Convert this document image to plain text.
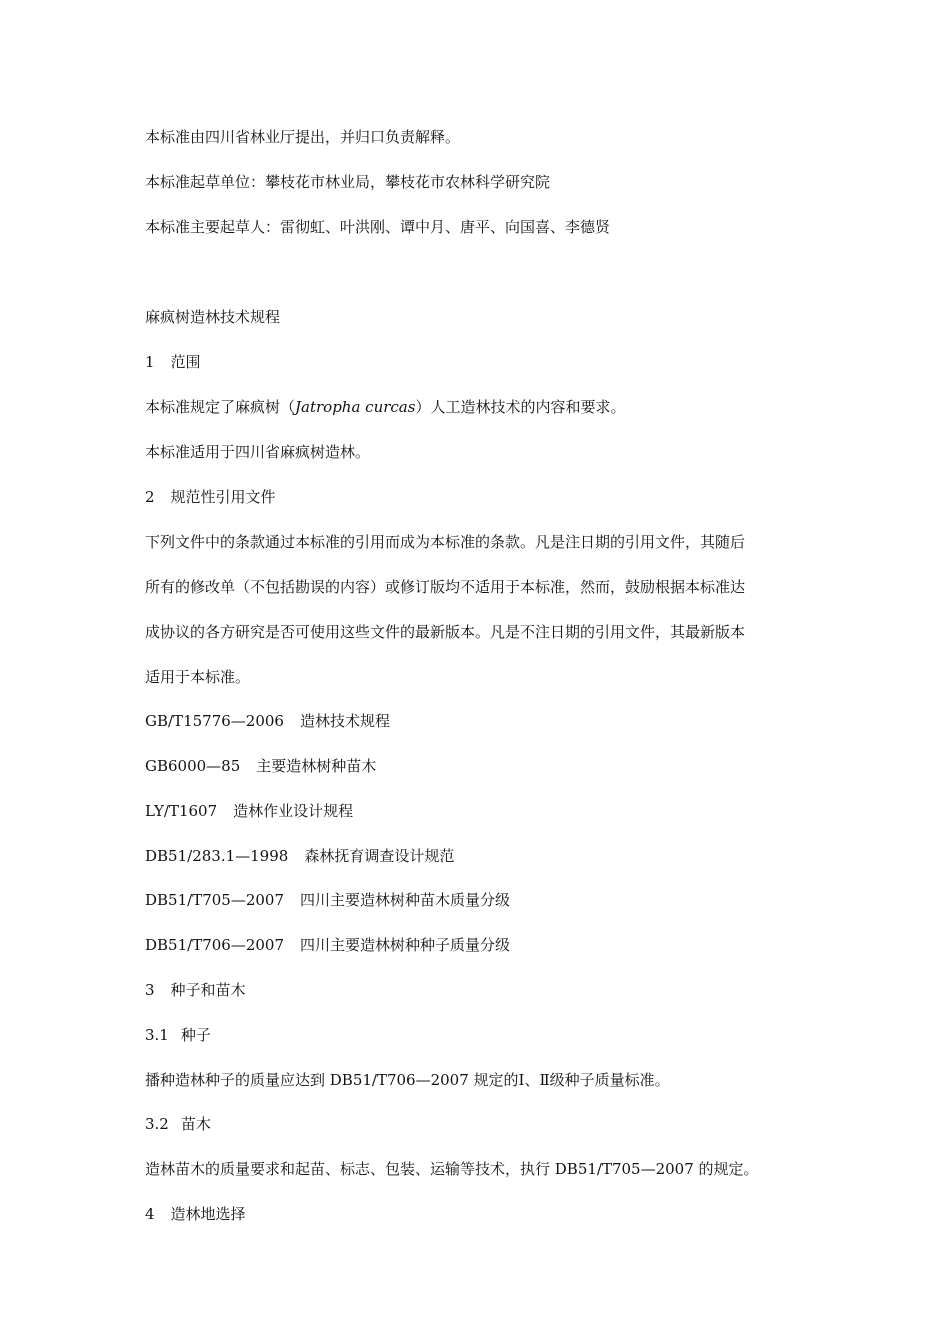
本标准由四川省林业厅提出，并归口负责解释。
本标准起草单位：攀枝花市林业局，攀枝花市农林科学研究院
本标准主要起草人：雷彻虹、叶洪刚、谭中月、唐平、向国喜、李德贤
麻疯树造林技术规程
1 范围
本标准规定了麻疯树（Jatropha curcas）人工造林技术的内容和要求。
本标准适用于四川省麻疯树造林。
2 规范性引用文件
下列文件中的条款通过本标准的引用而成为本标准的条款。凡是注日期的引用文件，其随后
所有的修改单（不包括勘误的内容）或修订版均不适用于本标准，然而，鼓励根据本标准达
成协议的各方研究是否可使用这些文件的最新版本。凡是不注日期的引用文件，其最新版本
适用于本标准。
GB/T15776—2006 造林技术规程
GB6000—85 主要造林树种苗木
LY/T1607 造林作业设计规程
DB51/283.1—1998 森林抚育调查设计规范
DB51/T705—2007 四川主要造林树种苗木质量分级
DB51/T706—2007 四川主要造林树种种子质量分级
3 种子和苗木
3.1 种子
播种造林种子的质量应达到 DB51/T706—2007 规定的Ⅰ、Ⅱ级种子质量标准。
3.2 苗木
造林苗木的质量要求和起苗、标志、包装、运输等技术，执行 DB51/T705—2007 的规定。
4 造林地选择
